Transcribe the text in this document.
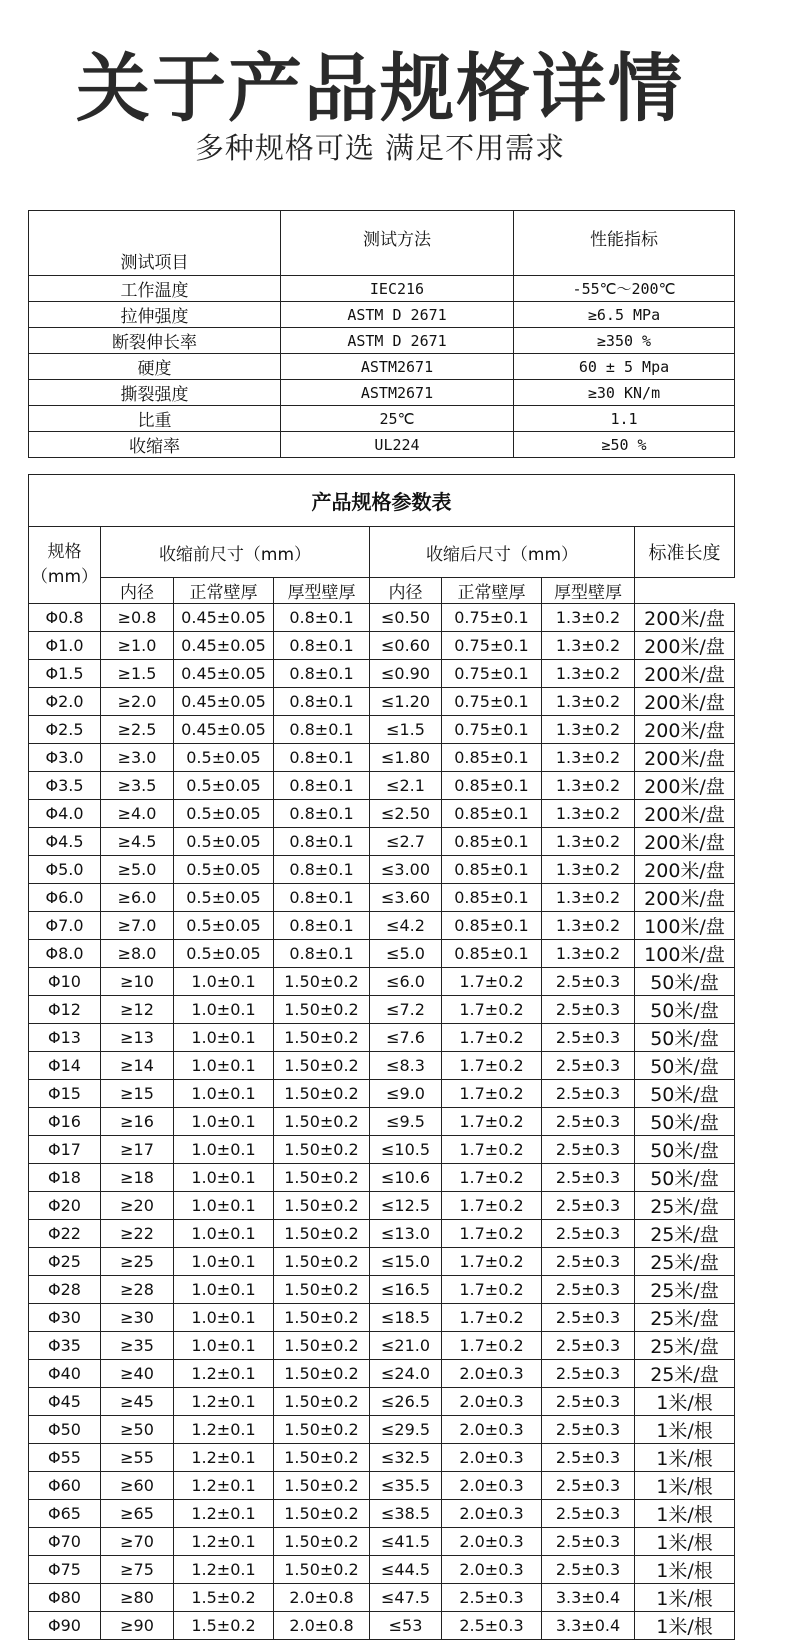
关于产品规格详情
多种规格可选 满足不用需求
测试项目	测试方法	性能指标
工作温度	IEC216	-55℃～200℃
拉伸强度	ASTM D 2671	≥6.5 MPa
断裂伸长率	ASTM D 2671	≥350 %
硬度	ASTM2671	60 ± 5 Mpa
撕裂强度	ASTM2671	≥30 KN/m
比重	25℃	1.1
收缩率	UL224	≥50 %
产品规格参数表							
规格
（mm）	收缩前尺寸（mm）			收缩后尺寸（mm）			标准长度
	内径	正常壁厚	厚型壁厚	内径	正常壁厚	厚型壁厚	
Φ0.8	≥0.8	0.45±0.05	0.8±0.1	≤0.50	0.75±0.1	1.3±0.2	200米/盘
Φ1.0	≥1.0	0.45±0.05	0.8±0.1	≤0.60	0.75±0.1	1.3±0.2	200米/盘
Φ1.5	≥1.5	0.45±0.05	0.8±0.1	≤0.90	0.75±0.1	1.3±0.2	200米/盘
Φ2.0	≥2.0	0.45±0.05	0.8±0.1	≤1.20	0.75±0.1	1.3±0.2	200米/盘
Φ2.5	≥2.5	0.45±0.05	0.8±0.1	≤1.5	0.75±0.1	1.3±0.2	200米/盘
Φ3.0	≥3.0	0.5±0.05	0.8±0.1	≤1.80	0.85±0.1	1.3±0.2	200米/盘
Φ3.5	≥3.5	0.5±0.05	0.8±0.1	≤2.1	0.85±0.1	1.3±0.2	200米/盘
Φ4.0	≥4.0	0.5±0.05	0.8±0.1	≤2.50	0.85±0.1	1.3±0.2	200米/盘
Φ4.5	≥4.5	0.5±0.05	0.8±0.1	≤2.7	0.85±0.1	1.3±0.2	200米/盘
Φ5.0	≥5.0	0.5±0.05	0.8±0.1	≤3.00	0.85±0.1	1.3±0.2	200米/盘
Φ6.0	≥6.0	0.5±0.05	0.8±0.1	≤3.60	0.85±0.1	1.3±0.2	200米/盘
Φ7.0	≥7.0	0.5±0.05	0.8±0.1	≤4.2	0.85±0.1	1.3±0.2	100米/盘
Φ8.0	≥8.0	0.5±0.05	0.8±0.1	≤5.0	0.85±0.1	1.3±0.2	100米/盘
Φ10	≥10	1.0±0.1	1.50±0.2	≤6.0	1.7±0.2	2.5±0.3	50米/盘
Φ12	≥12	1.0±0.1	1.50±0.2	≤7.2	1.7±0.2	2.5±0.3	50米/盘
Φ13	≥13	1.0±0.1	1.50±0.2	≤7.6	1.7±0.2	2.5±0.3	50米/盘
Φ14	≥14	1.0±0.1	1.50±0.2	≤8.3	1.7±0.2	2.5±0.3	50米/盘
Φ15	≥15	1.0±0.1	1.50±0.2	≤9.0	1.7±0.2	2.5±0.3	50米/盘
Φ16	≥16	1.0±0.1	1.50±0.2	≤9.5	1.7±0.2	2.5±0.3	50米/盘
Φ17	≥17	1.0±0.1	1.50±0.2	≤10.5	1.7±0.2	2.5±0.3	50米/盘
Φ18	≥18	1.0±0.1	1.50±0.2	≤10.6	1.7±0.2	2.5±0.3	50米/盘
Φ20	≥20	1.0±0.1	1.50±0.2	≤12.5	1.7±0.2	2.5±0.3	25米/盘
Φ22	≥22	1.0±0.1	1.50±0.2	≤13.0	1.7±0.2	2.5±0.3	25米/盘
Φ25	≥25	1.0±0.1	1.50±0.2	≤15.0	1.7±0.2	2.5±0.3	25米/盘
Φ28	≥28	1.0±0.1	1.50±0.2	≤16.5	1.7±0.2	2.5±0.3	25米/盘
Φ30	≥30	1.0±0.1	1.50±0.2	≤18.5	1.7±0.2	2.5±0.3	25米/盘
Φ35	≥35	1.0±0.1	1.50±0.2	≤21.0	1.7±0.2	2.5±0.3	25米/盘
Φ40	≥40	1.2±0.1	1.50±0.2	≤24.0	2.0±0.3	2.5±0.3	25米/盘
Φ45	≥45	1.2±0.1	1.50±0.2	≤26.5	2.0±0.3	2.5±0.3	1米/根
Φ50	≥50	1.2±0.1	1.50±0.2	≤29.5	2.0±0.3	2.5±0.3	1米/根
Φ55	≥55	1.2±0.1	1.50±0.2	≤32.5	2.0±0.3	2.5±0.3	1米/根
Φ60	≥60	1.2±0.1	1.50±0.2	≤35.5	2.0±0.3	2.5±0.3	1米/根
Φ65	≥65	1.2±0.1	1.50±0.2	≤38.5	2.0±0.3	2.5±0.3	1米/根
Φ70	≥70	1.2±0.1	1.50±0.2	≤41.5	2.0±0.3	2.5±0.3	1米/根
Φ75	≥75	1.2±0.1	1.50±0.2	≤44.5	2.0±0.3	2.5±0.3	1米/根
Φ80	≥80	1.5±0.2	2.0±0.8	≤47.5	2.5±0.3	3.3±0.4	1米/根
Φ90	≥90	1.5±0.2	2.0±0.8	≤53	2.5±0.3	3.3±0.4	1米/根
